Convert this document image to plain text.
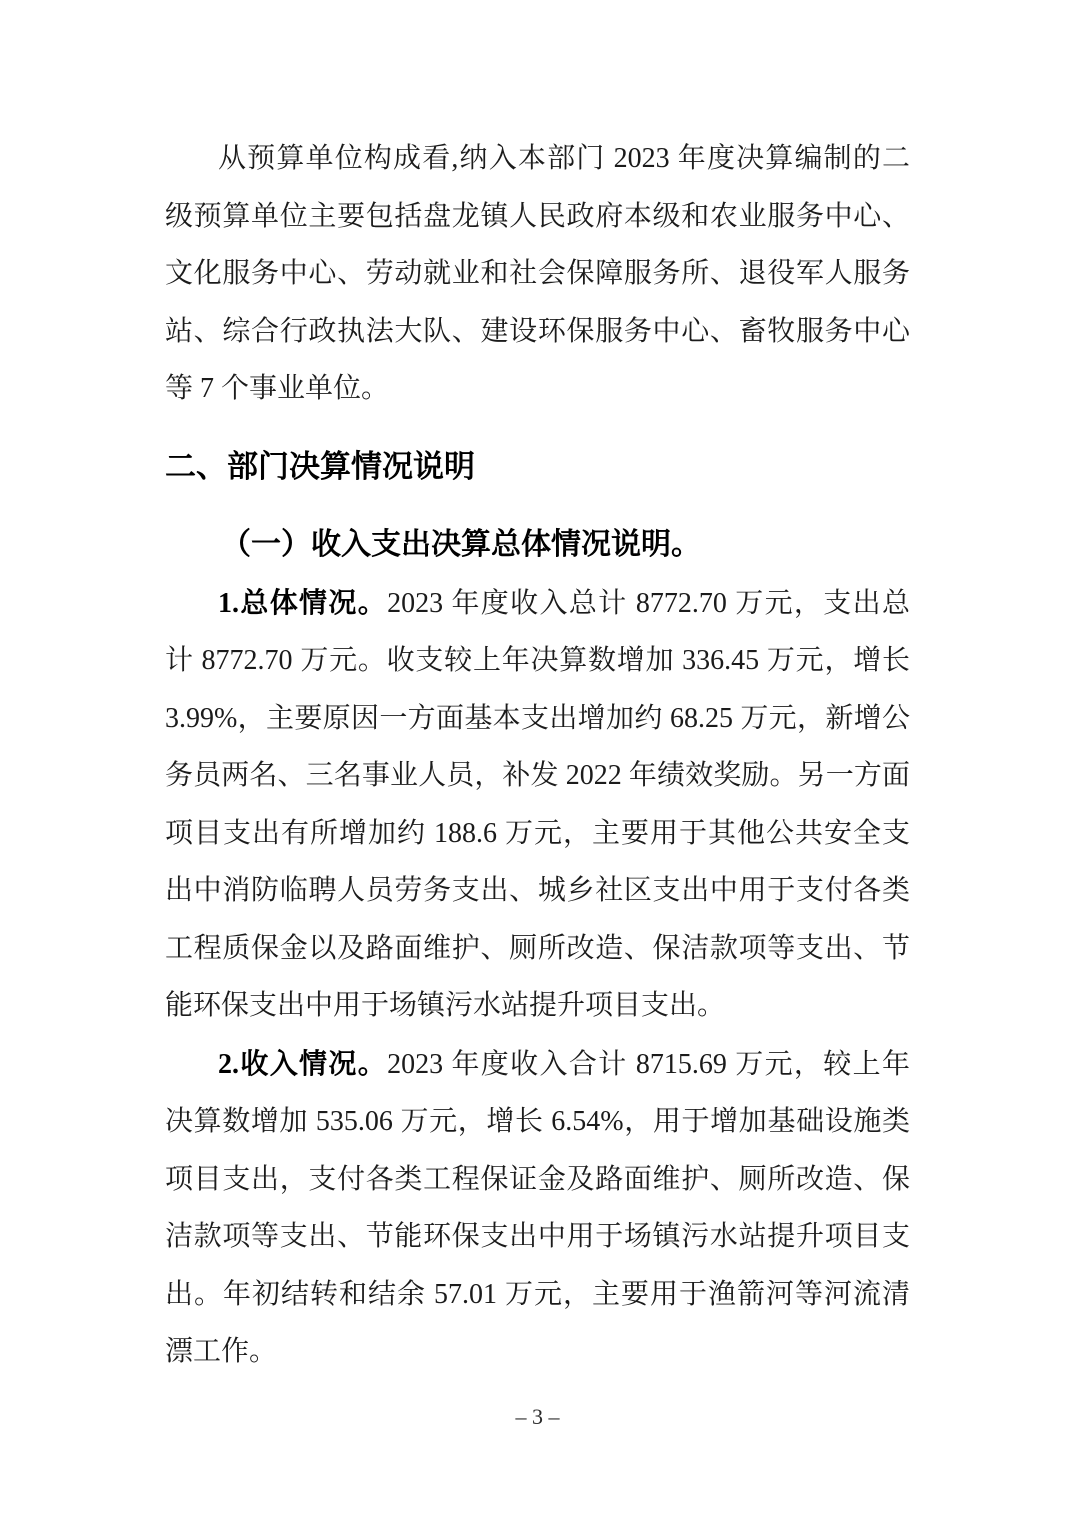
从预算单位构成看,纳入本部门 2023 年度决算编制的二
级预算单位主要包括盘龙镇人民政府本级和农业服务中心、
文化服务中心、劳动就业和社会保障服务所、退役军人服务
站、综合行政执法大队、建设环保服务中心、畜牧服务中心
等 7 个事业单位。
二、部门决算情况说明
（一）收入支出决算总体情况说明。
1.总体情况。2023 年度收入总计 8772.70 万元，支出总
计 8772.70 万元。收支较上年决算数增加 336.45 万元，增长
3.99%，主要原因一方面基本支出增加约 68.25 万元，新增公
务员两名、三名事业人员，补发 2022 年绩效奖励。另一方面
项目支出有所增加约 188.6 万元，主要用于其他公共安全支
出中消防临聘人员劳务支出、城乡社区支出中用于支付各类
工程质保金以及路面维护、厕所改造、保洁款项等支出、节
能环保支出中用于场镇污水站提升项目支出。
2.收入情况。2023 年度收入合计 8715.69 万元，较上年
决算数增加 535.06 万元，增长 6.54%，用于增加基础设施类
项目支出，支付各类工程保证金及路面维护、厕所改造、保
洁款项等支出、节能环保支出中用于场镇污水站提升项目支
出。年初结转和结余 57.01 万元，主要用于渔箭河等河流清
漂工作。
– 3 –
